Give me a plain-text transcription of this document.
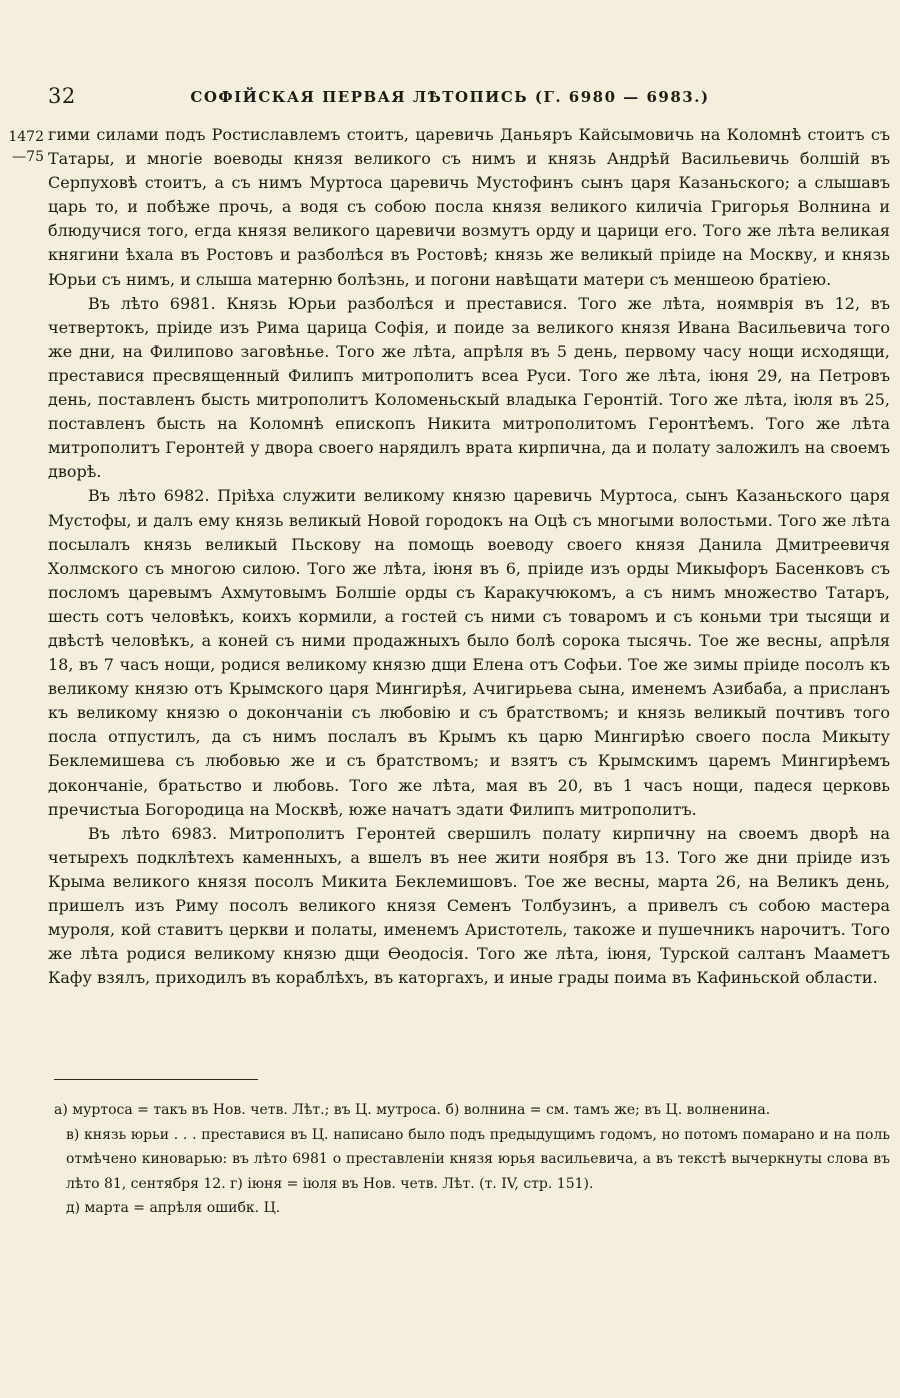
32	СОФІЙСКАЯ ПЕРВАЯ ЛѢТОПИСЬ (Г. 6980 — 6983.)
1472
—75

гими силами подъ Ростиславлемъ стоитъ, царевичь Даньяръ Кайсымовичь на Коломнѣ стоитъ съ Татары, и многіе воеводы князя великого съ нимъ и князь Андрѣй Васильевичь болшій въ Серпуховѣ стоитъ, а съ нимъ Муртоса царевичь Мустофинъ сынъ царя Казаньского; а слышавъ царь то, и побѣже прочь, а водя съ собою посла князя великого киличіа Григорья Волнина и блюдучися того, егда князя великого царевичи возмутъ орду и царици его. Того же лѣта великая княгини ѣхала въ Ростовъ и разболѣся въ Ростовѣ; князь же великый пріиде на Москву, и князь Юрьи съ нимъ, и слыша матерню болѣзнь, и погони навѣщати матери съ меншеою братіею.

Въ лѣто 6981. Князь Юрьи разболѣся и преставися. Того же лѣта, ноямврія въ 12, въ четвертокъ, пріиде изъ Рима царица Софія, и поиде за великого князя Ивана Васильевича того же дни, на Филипово заговѣнье. Того же лѣта, апрѣля въ 5 день, первому часу нощи исходящи, преставися пресвященный Филипъ митрополитъ всеа Руси. Того же лѣта, іюня 29, на Петровъ день, поставленъ бысть митрополитъ Коломеньскый владыка Геронтій. Того же лѣта, іюля въ 25, поставленъ бысть на Коломнѣ епископъ Никита митрополитомъ Геронтѣемъ. Того же лѣта митрополитъ Геронтей у двора своего нарядилъ врата кирпична, да и полату заложилъ на своемъ дворѣ.

Въ лѣто 6982. Пріѣха служити великому князю царевичь Муртоса, сынъ Казаньского царя Мустофы, и далъ ему князь великый Новой городокъ на Оцѣ съ многыми волостьми. Того же лѣта посылалъ князь великый Пьскову на помощь воеводу своего князя Данила Дмитреевичя Холмского съ многою силою. Того же лѣта, іюня въ 6, пріиде изъ орды Микыфоръ Басенковъ съ посломъ царевымъ Ахмутовымъ Болшіе орды съ Каракучюкомъ, а съ нимъ множество Татаръ, шесть сотъ человѣкъ, коихъ кормили, а гостей съ ними съ товаромъ и съ коньми три тысящи и двѣстѣ человѣкъ, а коней съ ними продажныхъ было болѣ сорока тысячь. Тое же весны, апрѣля 18, въ 7 часъ нощи, родися великому князю дщи Елена отъ Софьи. Тое же зимы пріиде посолъ къ великому князю отъ Крымского царя Мингирѣя, Ачигирьева сына, именемъ Азибаба, а присланъ къ великому князю о докончаніи съ любовію и съ братствомъ; и князь великый почтивъ того посла отпустилъ, да съ нимъ послалъ въ Крымъ къ царю Мингирѣю своего посла Микыту Беклемишева съ любовью же и съ братствомъ; и взятъ съ Крымскимъ царемъ Мингирѣемъ докончаніе, братьство и любовь. Того же лѣта, мая въ 20, въ 1 часъ нощи, падеся церковь пречистыа Богородица на Москвѣ, юже начатъ здати Филипъ митрополитъ.

Въ лѣто 6983. Митрополитъ Геронтей свершилъ полату кирпичну на своемъ дворѣ на четырехъ подклѣтехъ каменныхъ, а вшелъ въ нее жити ноября въ 13. Того же дни пріиде изъ Крыма великого князя посолъ Микита Беклемишовъ. Тое же весны, марта 26, на Великъ день, пришелъ изъ Риму посолъ великого князя Семенъ Толбузинъ, а привелъ съ собою мастера муроля, кой ставитъ церкви и полаты, именемъ Аристотель, такоже и пушечникъ нарочитъ. Того же лѣта родися великому князю дщи Ѳеодосія. Того же лѣта, іюня, Турской салтанъ Мааметъ Кафу взялъ, приходилъ въ кораблѣхъ, въ каторгахъ, и иные грады поима въ Кафиньской области.

а) муртоса = такъ въ Нов. четв. Лѣт.; въ Ц. мутроса. б) волнина = см. тамъ же; въ Ц. волненина.

в) князь юрьи . . . преставися въ Ц. написано было подъ предыдущимъ годомъ, но потомъ помарано и на поль отмѣчено киноварью: въ лѣто 6981 о преставленіи князя юрья васильевича, а въ текстѣ вычеркнуты слова въ лѣто 81, сентября 12. г) іюня = іюля въ Нов. четв. Лѣт. (т. IV, стр. 151).

д) марта = апрѣля ошибк. Ц.
